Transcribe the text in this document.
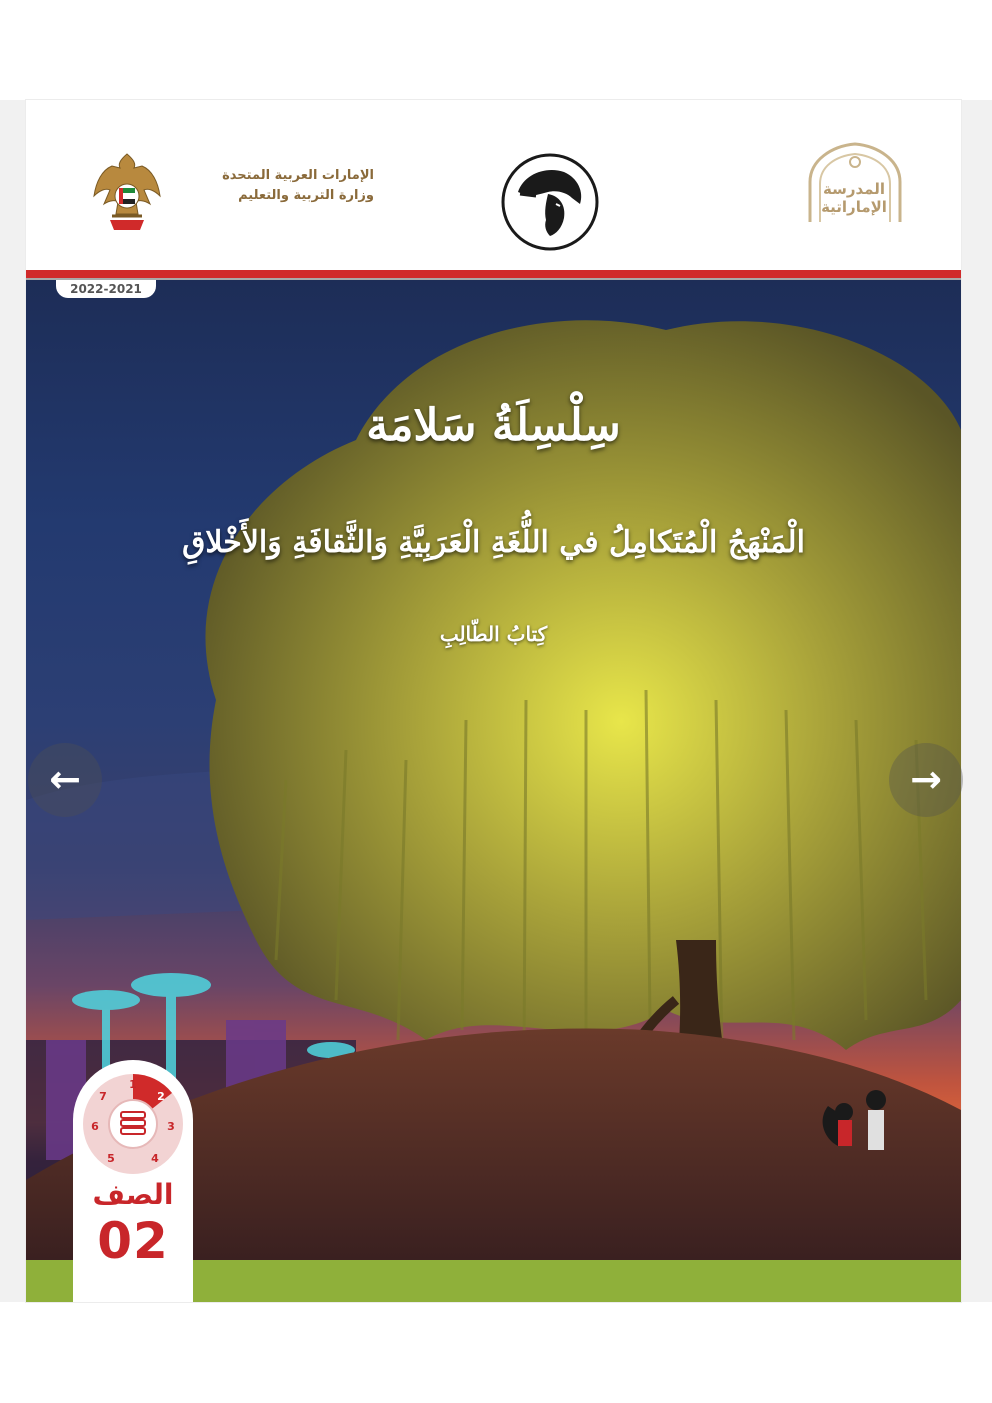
الإمارات العربية المتحدة
وزارة التربية والتعليم	المدرسة
الإماراتية
2022-2021
سِلْسِلَةُ سَلامَة
الْمَنْهَجُ الْمُتَكامِلُ في اللُّغَةِ الْعَرَبِيَّةِ وَالثَّقافَةِ وَالأَخْلاقِ
كِتابُ الطّالِبِ
←	→
1
2
3
4
5
6
7
الصف
02
